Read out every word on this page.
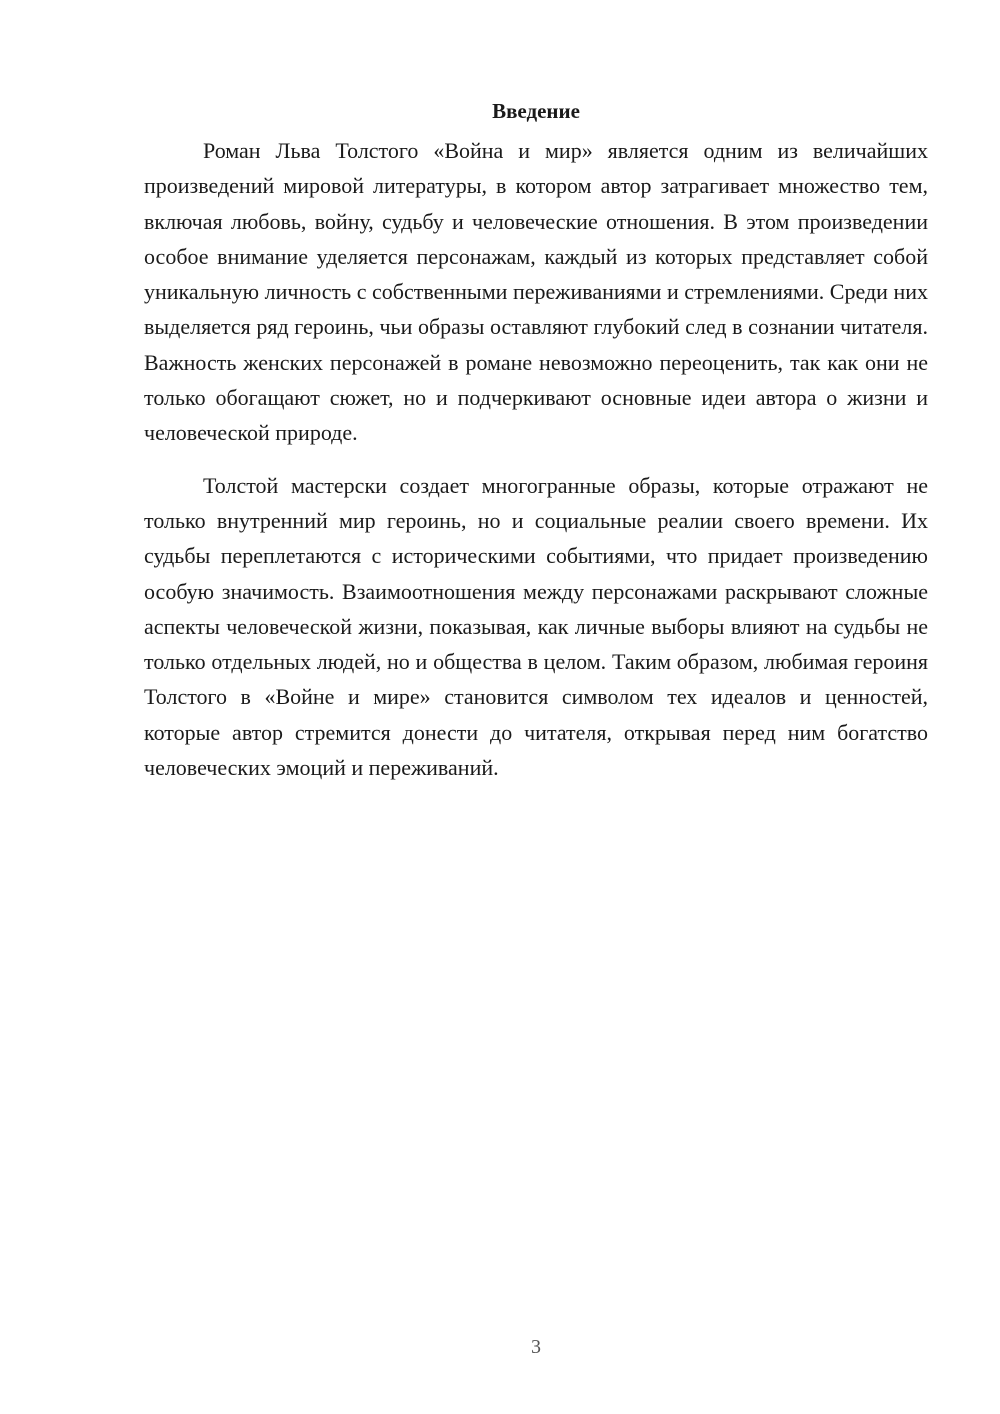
Введение

Роман Льва Толстого «Война и мир» является одним из величайших произведений мировой литературы, в котором автор затрагивает множество тем, включая любовь, войну, судьбу и человеческие отношения. В этом произведении особое внимание уделяется персонажам, каждый из которых представляет собой уникальную личность с собственными переживаниями и стремлениями. Среди них выделяется ряд героинь, чьи образы оставляют глубокий след в сознании читателя. Важность женских персонажей в романе невозможно переоценить, так как они не только обогащают сюжет, но и подчеркивают основные идеи автора о жизни и человеческой природе.

Толстой мастерски создает многогранные образы, которые отражают не только внутренний мир героинь, но и социальные реалии своего времени. Их судьбы переплетаются с историческими событиями, что придает произведению особую значимость. Взаимоотношения между персонажами раскрывают сложные аспекты человеческой жизни, показывая, как личные выборы влияют на судьбы не только отдельных людей, но и общества в целом. Таким образом, любимая героиня Толстого в «Войне и мире» становится символом тех идеалов и ценностей, которые автор стремится донести до читателя, открывая перед ним богатство человеческих эмоций и переживаний.

3
